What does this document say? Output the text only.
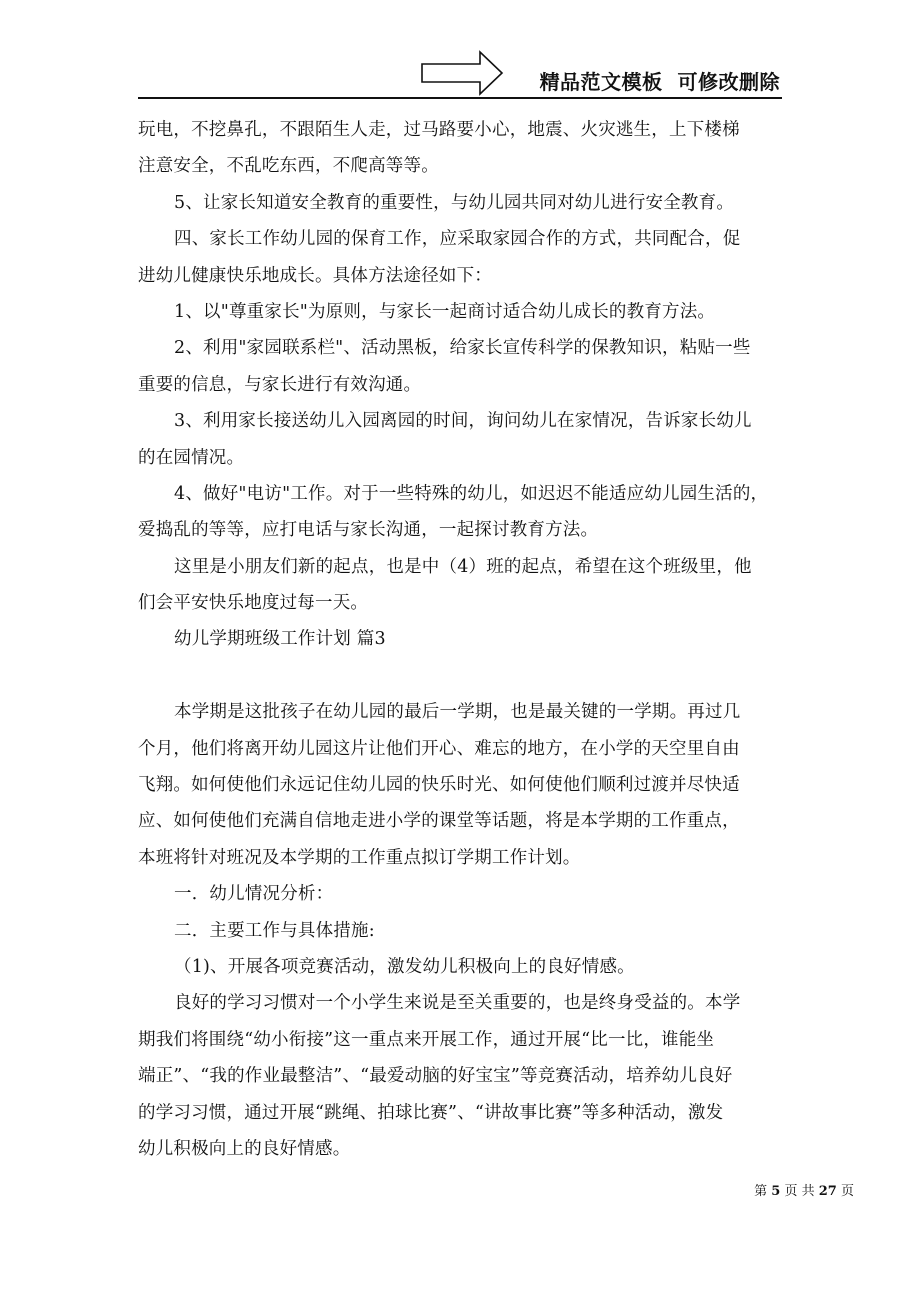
精品范文模板  可修改删除
玩电，不挖鼻孔，不跟陌生人走，过马路要小心，地震、火灾逃生，上下楼梯
注意安全，不乱吃东西，不爬高等等。
5、让家长知道安全教育的重要性，与幼儿园共同对幼儿进行安全教育。
四、家长工作幼儿园的保育工作，应采取家园合作的方式，共同配合，促
进幼儿健康快乐地成长。具体方法途径如下：
1、以"尊重家长"为原则，与家长一起商讨适合幼儿成长的教育方法。
2、利用"家园联系栏"、活动黑板，给家长宣传科学的保教知识，粘贴一些
重要的信息，与家长进行有效沟通。
3、利用家长接送幼儿入园离园的时间，询问幼儿在家情况，告诉家长幼儿
的在园情况。
4、做好"电访"工作。对于一些特殊的幼儿，如迟迟不能适应幼儿园生活的，
爱捣乱的等等，应打电话与家长沟通，一起探讨教育方法。
这里是小朋友们新的起点，也是中（4）班的起点，希望在这个班级里，他
们会平安快乐地度过每一天。
幼儿学期班级工作计划 篇3
本学期是这批孩子在幼儿园的最后一学期，也是最关键的一学期。再过几
个月，他们将离开幼儿园这片让他们开心、难忘的地方，在小学的天空里自由
飞翔。如何使他们永远记住幼儿园的快乐时光、如何使他们顺利过渡并尽快适
应、如何使他们充满自信地走进小学的课堂等话题，将是本学期的工作重点，
本班将针对班况及本学期的工作重点拟订学期工作计划。
一．幼儿情况分析：
二．主要工作与具体措施:
（1)、开展各项竞赛活动，激发幼儿积极向上的良好情感。
良好的学习习惯对一个小学生来说是至关重要的，也是终身受益的。本学
期我们将围绕“幼小衔接”这一重点来开展工作，通过开展“比一比，谁能坐
端正”、“我的作业最整洁”、“最爱动脑的好宝宝”等竞赛活动，培养幼儿良好
的学习习惯，通过开展“跳绳、拍球比赛”、“讲故事比赛”等多种活动，激发
幼儿积极向上的良好情感。
第 5 页 共 27 页
